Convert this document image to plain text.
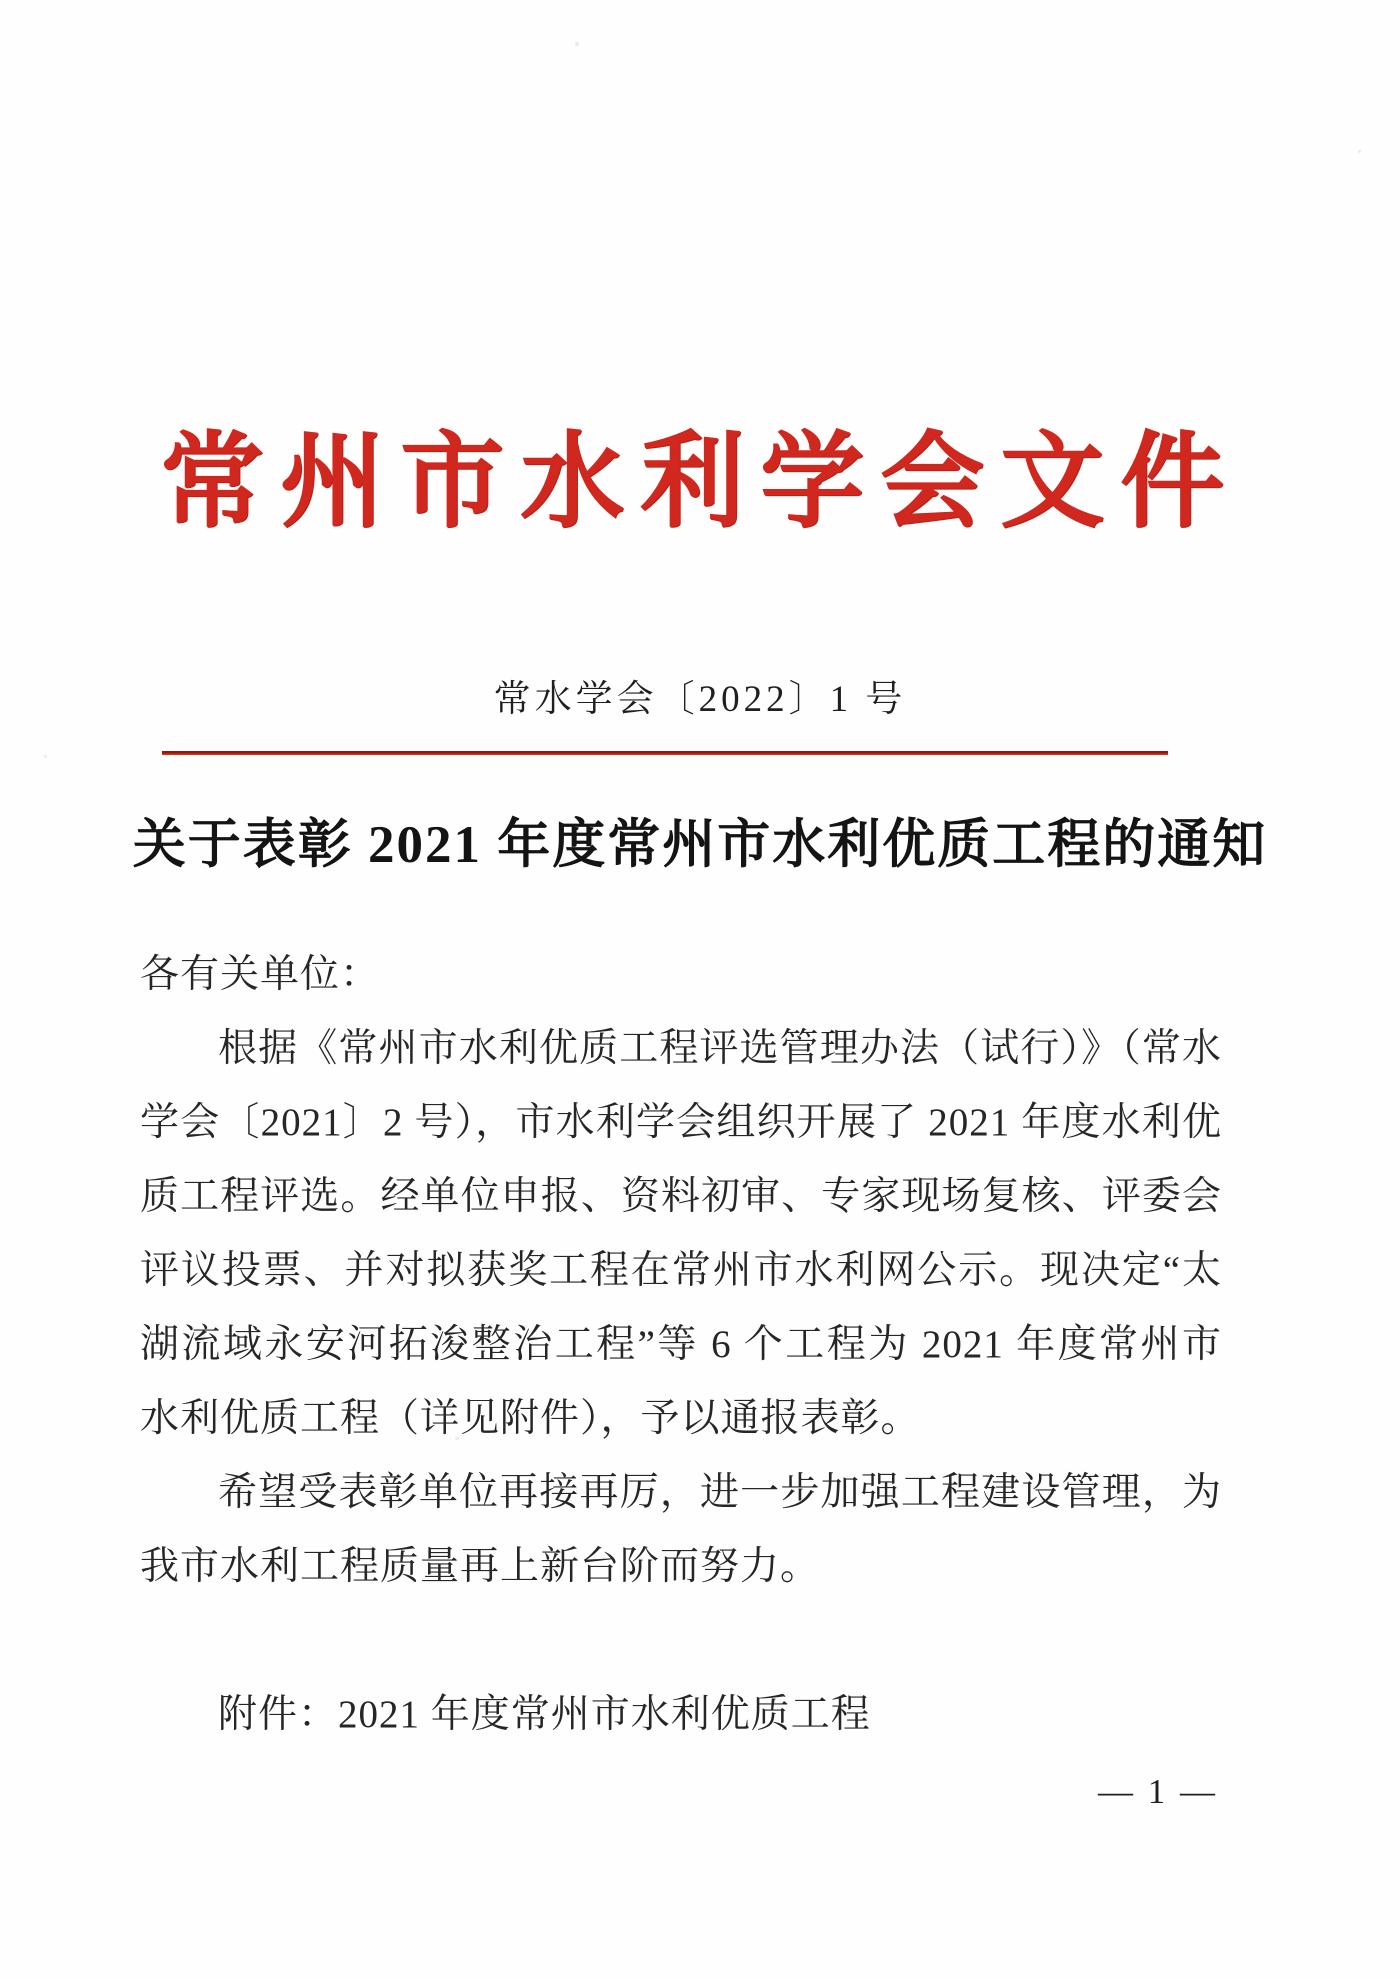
常州市水利学会文件
常水学会〔2022〕1 号
关于表彰 2021 年度常州市水利优质工程的通知

各有关单位：

根据《常州市水利优质工程评选管理办法（试行）》（常水学会〔2021〕2 号），市水利学会组织开展了 2021 年度水利优质工程评选。经单位申报、资料初审、专家现场复核、评委会评议投票、并对拟获奖工程在常州市水利网公示。现决定“太湖流域永安河拓浚整治工程”等 6 个工程为 2021 年度常州市水利优质工程（详见附件），予以通报表彰。

希望受表彰单位再接再厉，进一步加强工程建设管理，为我市水利工程质量再上新台阶而努力。

附件：2021 年度常州市水利优质工程

— 1 —
